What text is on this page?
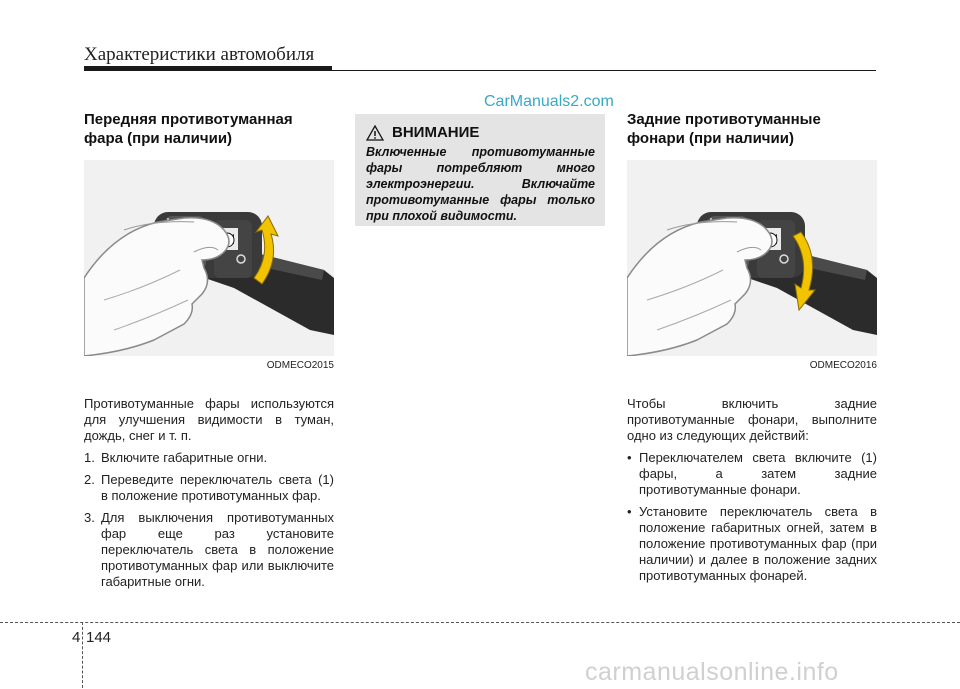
Характеристики автомобиля
CarManuals2.com
Передняя противотуманная фара (при наличии)
ODMECO2015

Противотуманные фары используются для улучшения видимости в туман, дождь, снег и т. п.

1. Включите габаритные огни.
2. Переведите переключатель света (1) в положение противотуманных фар.
3. Для выключения противотуманных фар еще раз установите переключатель света в положение противотуманных фар или выключите габаритные огни.
ВНИМАНИЕ
Включенные противотуманные фары потребляют много электроэнергии. Включайте противотуманные фары только при плохой видимости.
Задние противотуманные фонари (при наличии)
ODMECO2016

Чтобы включить задние противотуманные фонари, выполните одно из следующих действий:

• Переключателем света включите (1) фары, а затем задние противотуманные фонари.
• Установите переключатель света в положение габаритных огней, затем в положение противотуманных фар (при наличии) и далее в положение задних противотуманных фонарей.
4 144
carmanualsonline.info
